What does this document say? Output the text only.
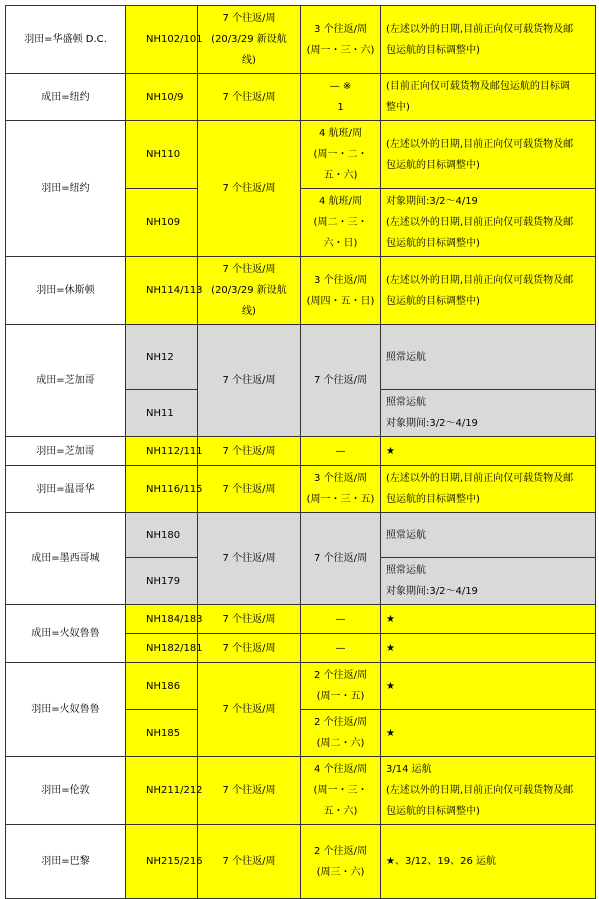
羽田=华盛顿 D.C.	NH102/101	7 个往返/周
(20/3/29 新设航
线)	3 个往返/周
(周一・三・六)	(左述以外的日期,目前正向仅可载货物及邮
包运航的目标调整中)

成田=纽约	NH10/9	7 个往返/周	— ※
1	(目前正向仅可载货物及邮包运航的目标调
整中)

羽田=纽约	NH110	7 个往返/周	4 航班/周
(周一・二・
五・六)	(左述以外的日期,目前正向仅可载货物及邮
包运航的目标调整中)

	NH109		4 航班/周
(周二・三・
六・日)	对象期间:3/2～4/19
(左述以外的日期,目前正向仅可载货物及邮
包运航的目标调整中)

羽田=休斯顿	NH114/113	7 个往返/周
(20/3/29 新设航
线)	3 个往返/周
(周四・五・日)	(左述以外的日期,目前正向仅可载货物及邮
包运航的目标调整中)

成田=芝加哥	NH12	7 个往返/周	7 个往返/周	照常运航

	NH11			照常运航
对象期间:3/2～4/19

羽田=芝加哥	NH112/111	7 个往返/周	—	★

羽田=温哥华	NH116/115	7 个往返/周	3 个往返/周
(周一・三・五)	(左述以外的日期,目前正向仅可载货物及邮
包运航的目标调整中)

成田=墨西哥城	NH180	7 个往返/周	7 个往返/周	照常运航

	NH179			照常运航
对象期间:3/2～4/19

成田=火奴鲁鲁	NH184/183	7 个往返/周	—	★

	NH182/181	7 个往返/周	—	★

羽田=火奴鲁鲁	NH186	7 个往返/周	2 个往返/周
(周一・五)	★

	NH185		2 个往返/周
(周二・六)	★

羽田=伦敦	NH211/212	7 个往返/周	4 个往返/周
(周一・三・
五・六)	3/14 运航
(左述以外的日期,目前正向仅可载货物及邮
包运航的目标调整中)

羽田=巴黎	NH215/216	7 个往返/周	2 个往返/周
(周三・六)	★、3/12、19、26 运航
